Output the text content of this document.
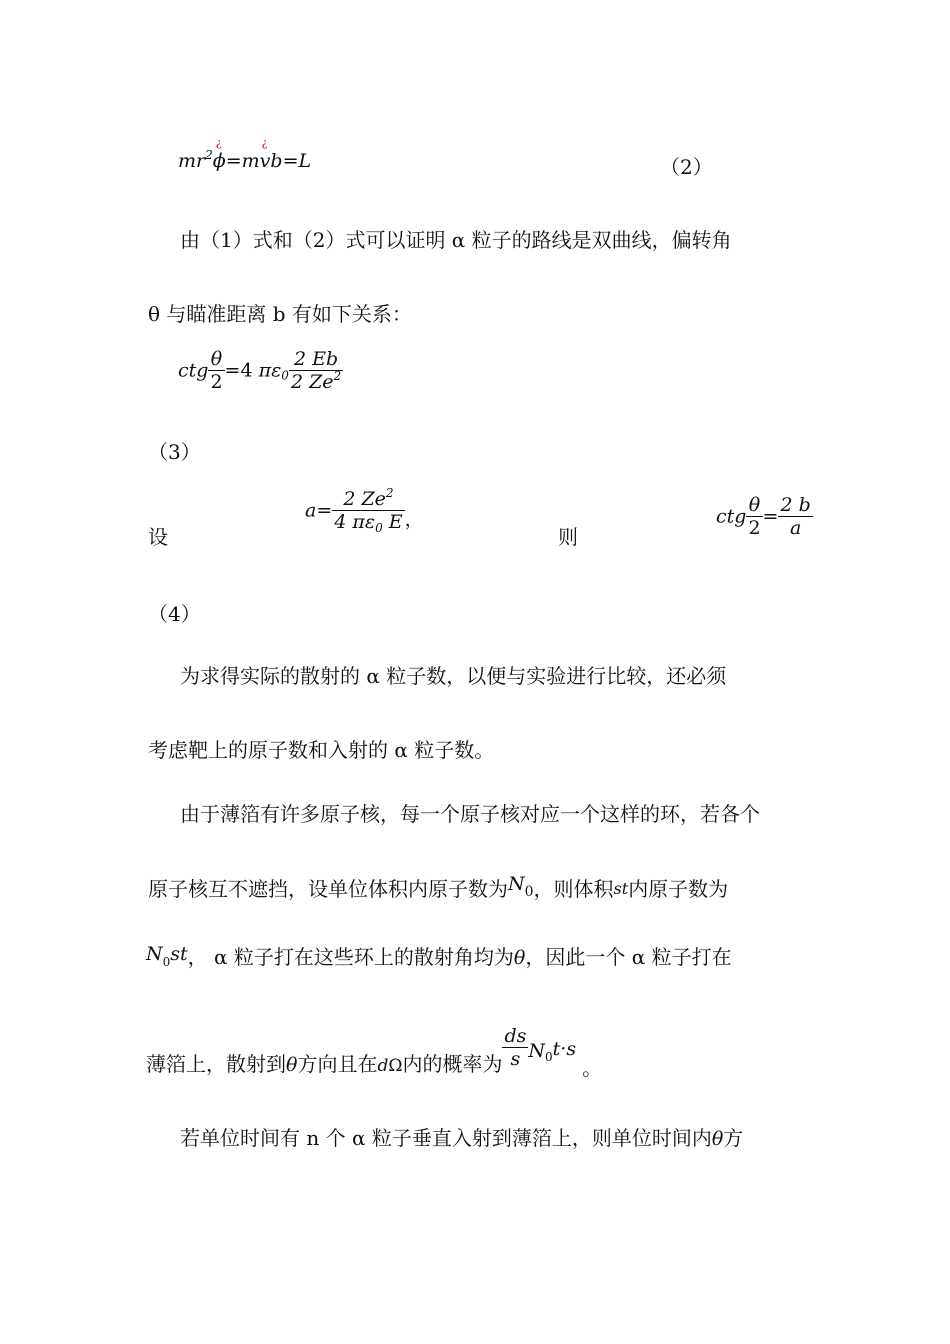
$mr^2$
¿
ϕ=m
¿
vb=L	（2）
由（1）式和（2）式可以证明 α 粒子的路线是双曲线，偏转角
θ 与瞄准距离 b 有如下关系：
ctg $\frac{\theta}{2} =4$ $\pi\varepsilon_0 \frac{2 Eb}{2 Ze^2}$
（3）
设
$a= \frac{2 Ze^2}{4 \pi\varepsilon_0 E}$ ，
则
ctg $\frac{\theta}{2} = \frac{2 b}{a}$
（4）
为求得实际的散射的 α 粒子数，以便与实验进行比较，还必须
考虑靶上的原子数和入射的 α 粒子数。
由于薄箔有许多原子核，每一个原子核对应一个这样的环，若各个
原子核互不遮挡，设单位体积内原子数为N0，则体积st内原子数为
$N_0st$， α 粒子打在这些环上的散射角均为θ，因此一个 α 粒子打在
薄箔上，散射到θ方向且在$_{d\Omega}$内的概率为 $\frac{ds}{s} N_0t\cdot s$。
若单位时间有 n 个 α 粒子垂直入射到薄箔上，则单位时间内θ方
